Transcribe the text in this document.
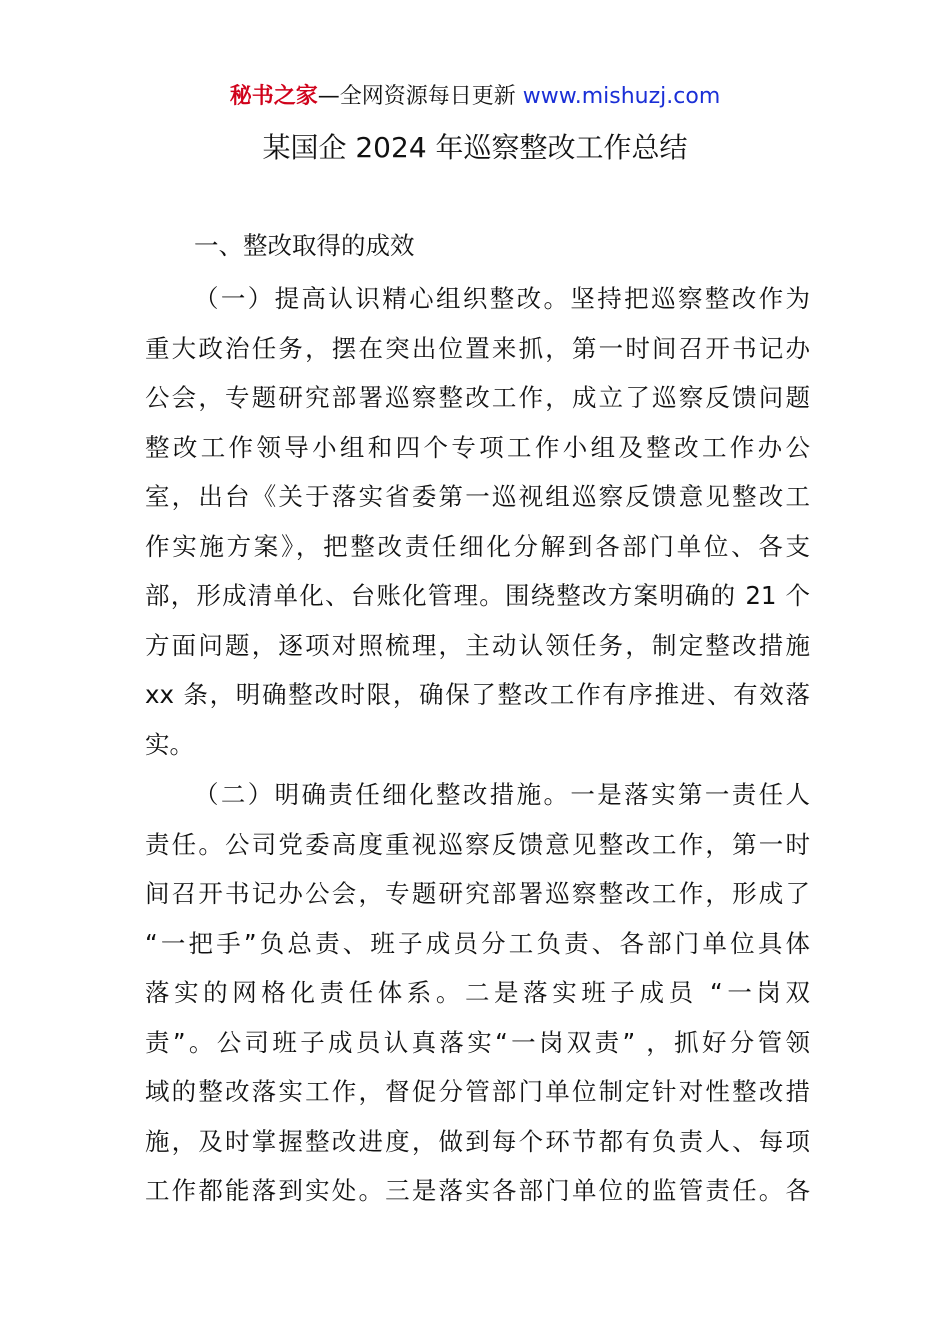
秘书之家—全网资源每日更新 www.mishuzj.com
某国企 2024 年巡察整改工作总结
一、整改取得的成效
（一）提高认识精心组织整改。坚持把巡察整改作为
重大政治任务，摆在突出位置来抓，第一时间召开书记办
公会，专题研究部署巡察整改工作，成立了巡察反馈问题
整改工作领导小组和四个专项工作小组及整改工作办公
室，出台《关于落实省委第一巡视组巡察反馈意见整改工
作实施方案》，把整改责任细化分解到各部门单位、各支
部，形成清单化、台账化管理。围绕整改方案明确的 21 个
方面问题，逐项对照梳理，主动认领任务，制定整改措施
xx 条，明确整改时限，确保了整改工作有序推进、有效落
实。
（二）明确责任细化整改措施。一是落实第一责任人
责任。公司党委高度重视巡察反馈意见整改工作，第一时
间召开书记办公会，专题研究部署巡察整改工作，形成了
“一把手”负总责、班子成员分工负责、各部门单位具体
落实的网格化责任体系。二是落实班子成员 “一岗双
责”。公司班子成员认真落实“一岗双责” ，抓好分管领
域的整改落实工作，督促分管部门单位制定针对性整改措
施，及时掌握整改进度，做到每个环节都有负责人、每项
工作都能落到实处。三是落实各部门单位的监管责任。各
